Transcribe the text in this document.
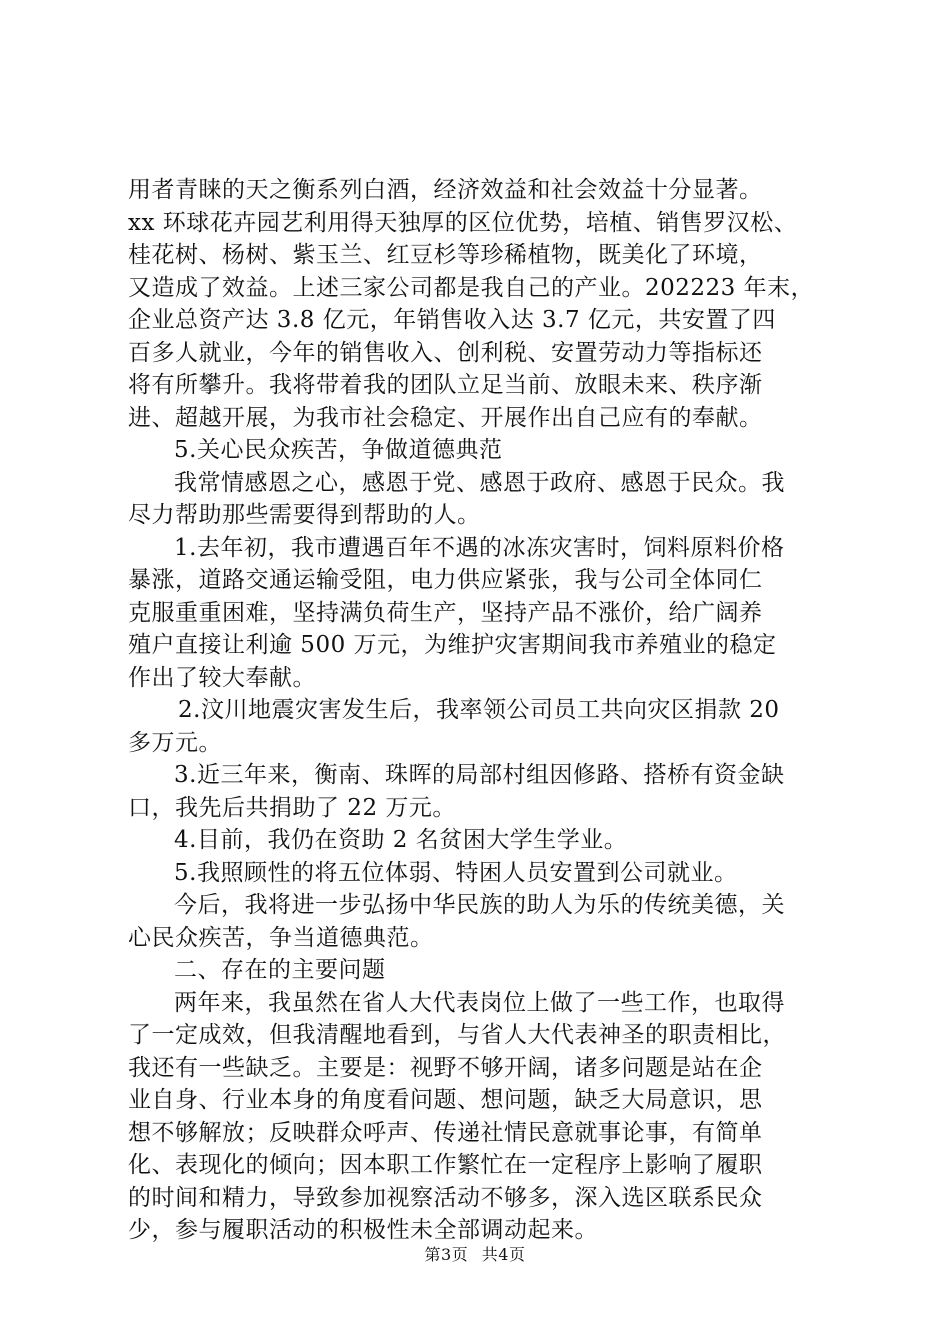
用者青睐的天之衡系列白酒，经济效益和社会效益十分显著。
xx 环球花卉园艺利用得天独厚的区位优势，培植、销售罗汉松、
桂花树、杨树、紫玉兰、红豆杉等珍稀植物，既美化了环境，
又造成了效益。上述三家公司都是我自己的产业。202223 年末，
企业总资产达 3.8 亿元，年销售收入达 3.7 亿元，共安置了四
百多人就业，今年的销售收入、创利税、安置劳动力等指标还
将有所攀升。我将带着我的团队立足当前、放眼未来、秩序渐
进、超越开展，为我市社会稳定、开展作出自己应有的奉献。
5.关心民众疾苦，争做道德典范
我常情感恩之心，感恩于党、感恩于政府、感恩于民众。我
尽力帮助那些需要得到帮助的人。
1.去年初，我市遭遇百年不遇的冰冻灾害时，饲料原料价格
暴涨，道路交通运输受阻，电力供应紧张，我与公司全体同仁
克服重重困难，坚持满负荷生产，坚持产品不涨价，给广阔养
殖户直接让利逾 500 万元，为维护灾害期间我市养殖业的稳定
作出了较大奉献。
2.汶川地震灾害发生后，我率领公司员工共向灾区捐款 20
多万元。
3.近三年来，衡南、珠晖的局部村组因修路、搭桥有资金缺
口，我先后共捐助了 22 万元。
4.目前，我仍在资助 2 名贫困大学生学业。
5.我照顾性的将五位体弱、特困人员安置到公司就业。
今后，我将进一步弘扬中华民族的助人为乐的传统美德，关
心民众疾苦，争当道德典范。
二、存在的主要问题
两年来，我虽然在省人大代表岗位上做了一些工作，也取得
了一定成效，但我清醒地看到，与省人大代表神圣的职责相比，
我还有一些缺乏。主要是：视野不够开阔，诸多问题是站在企
业自身、行业本身的角度看问题、想问题，缺乏大局意识，思
想不够解放；反映群众呼声、传递社情民意就事论事，有简单
化、表现化的倾向；因本职工作繁忙在一定程序上影响了履职
的时间和精力，导致参加视察活动不够多，深入选区联系民众
少，参与履职活动的积极性未全部调动起来。
第3页 共4页
